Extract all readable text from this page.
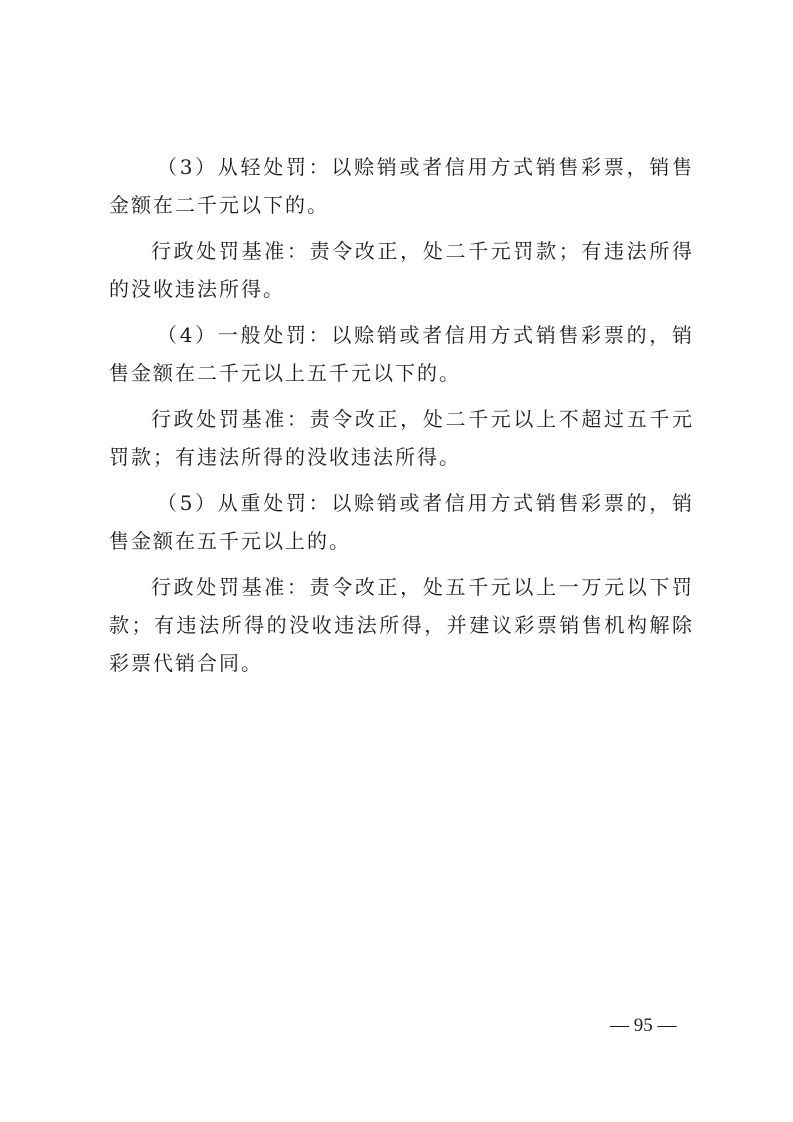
（3）从轻处罚：以赊销或者信用方式销售彩票，销售金额在二千元以下的。

行政处罚基准：责令改正，处二千元罚款；有违法所得的没收违法所得。

（4）一般处罚：以赊销或者信用方式销售彩票的，销售金额在二千元以上五千元以下的。

行政处罚基准：责令改正，处二千元以上不超过五千元罚款；有违法所得的没收违法所得。

（5）从重处罚：以赊销或者信用方式销售彩票的，销售金额在五千元以上的。

行政处罚基准：责令改正，处五千元以上一万元以下罚款；有违法所得的没收违法所得，并建议彩票销售机构解除彩票代销合同。

— 95 —
